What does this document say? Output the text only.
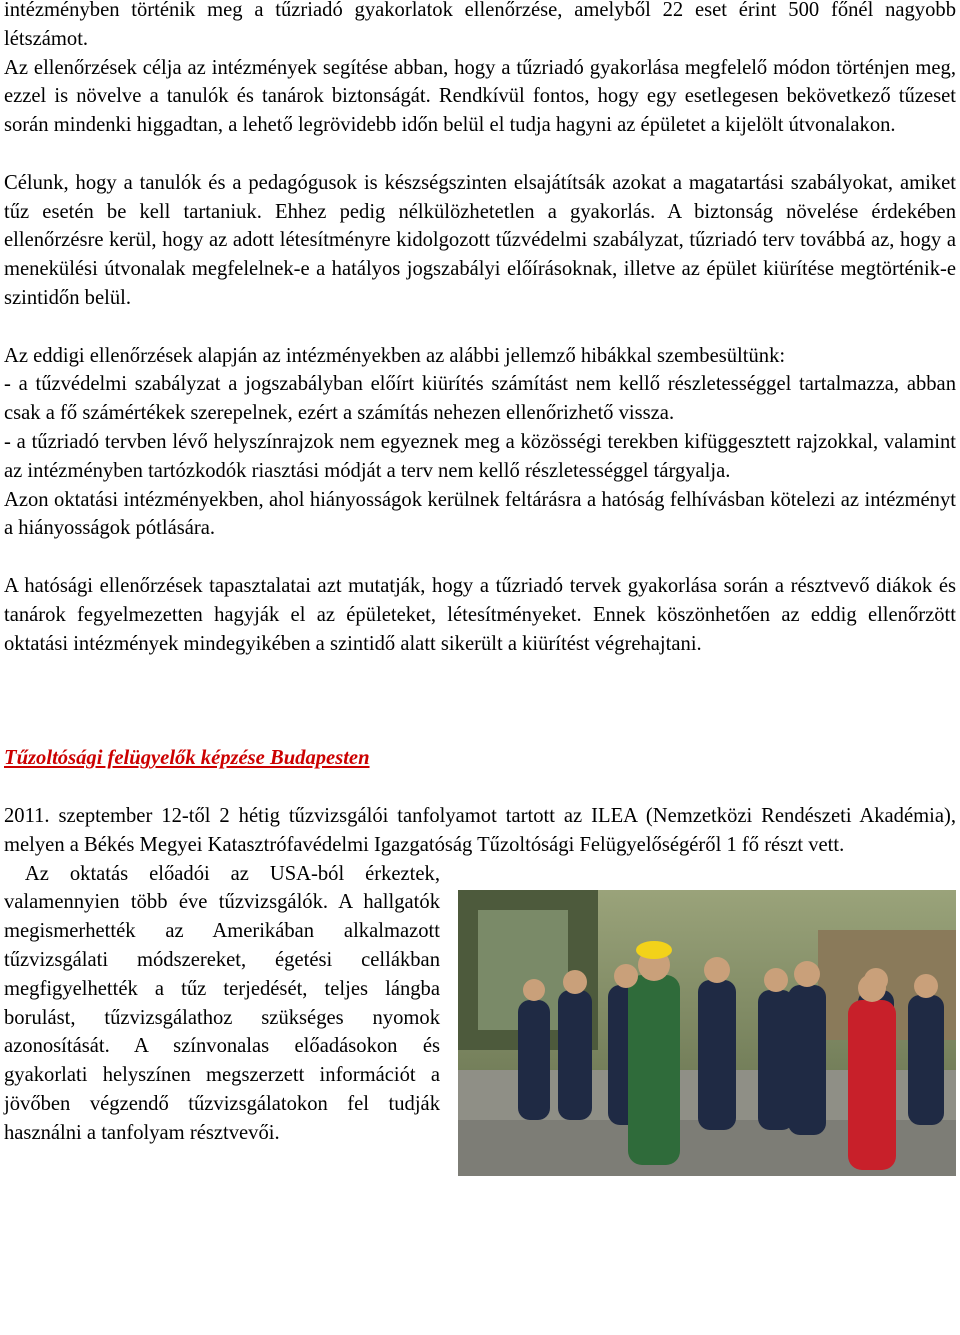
intézményben történik meg a tűzriadó gyakorlatok ellenőrzése, amelyből 22 eset érint 500 főnél nagyobb létszámot.

Az ellenőrzések célja az intézmények segítése abban, hogy a tűzriadó gyakorlása megfelelő módon történjen meg, ezzel is növelve a tanulók és tanárok biztonságát. Rendkívül fontos, hogy egy esetlegesen bekövetkező tűzeset során mindenki higgadtan, a lehető legrövidebb időn belül el tudja hagyni az épületet a kijelölt útvonalakon.

Célunk, hogy a tanulók és a pedagógusok is készségszinten elsajátítsák azokat a magatartási szabályokat, amiket tűz esetén be kell tartaniuk. Ehhez pedig nélkülözhetetlen a gyakorlás. A biztonság növelése érdekében ellenőrzésre kerül, hogy az adott létesítményre kidolgozott tűzvédelmi szabályzat, tűzriadó terv továbbá az, hogy a menekülési útvonalak megfelelnek-e a hatályos jogszabályi előírásoknak, illetve az épület kiürítése megtörténik-e szintidőn belül.

Az eddigi ellenőrzések alapján az intézményekben az alábbi jellemző hibákkal szembesültünk:

- a tűzvédelmi szabályzat a jogszabályban előírt kiürítés számítást nem kellő részletességgel tartalmazza, abban csak a fő számértékek szerepelnek, ezért a számítás nehezen ellenőrizhető vissza.

- a tűzriadó tervben lévő helyszínrajzok nem egyeznek meg a közösségi terekben kifüggesztett rajzokkal, valamint az intézményben tartózkodók riasztási módját a terv nem kellő részletességgel tárgyalja.

Azon oktatási intézményekben, ahol hiányosságok kerülnek feltárásra a hatóság felhívásban kötelezi az intézményt a hiányosságok pótlására.

A hatósági ellenőrzések tapasztalatai azt mutatják, hogy a tűzriadó tervek gyakorlása során a résztvevő diákok és tanárok fegyelmezetten hagyják el az épületeket, létesítményeket. Ennek köszönhetően az eddig ellenőrzött oktatási intézmények mindegyikében a szintidő alatt sikerült a kiürítést végrehajtani.

Tűzoltósági felügyelők képzése Budapesten

2011. szeptember 12-től 2 hétig tűzvizsgálói tanfolyamot tartott az ILEA (Nemzetközi Rendészeti Akadémia), melyen a Békés Megyei Katasztrófavédelmi Igazgatóság Tűzoltósági Felügyelőségéről 1 fő részt vett.

Az oktatás előadói az USA-ból érkeztek, valamennyien több éve tűzvizsgálók. A hallgatók megismerhették az Amerikában alkalmazott tűzvizsgálati módszereket, égetési cellákban megfigyelhették a tűz terjedését, teljes lángba borulást, tűzvizsgálathoz szükséges nyomok azonosítását. A színvonalas előadásokon és gyakorlati helyszínen megszerzett információt a jövőben végzendő tűzvizsgálatokon fel tudják használni a tanfolyam résztvevői.
